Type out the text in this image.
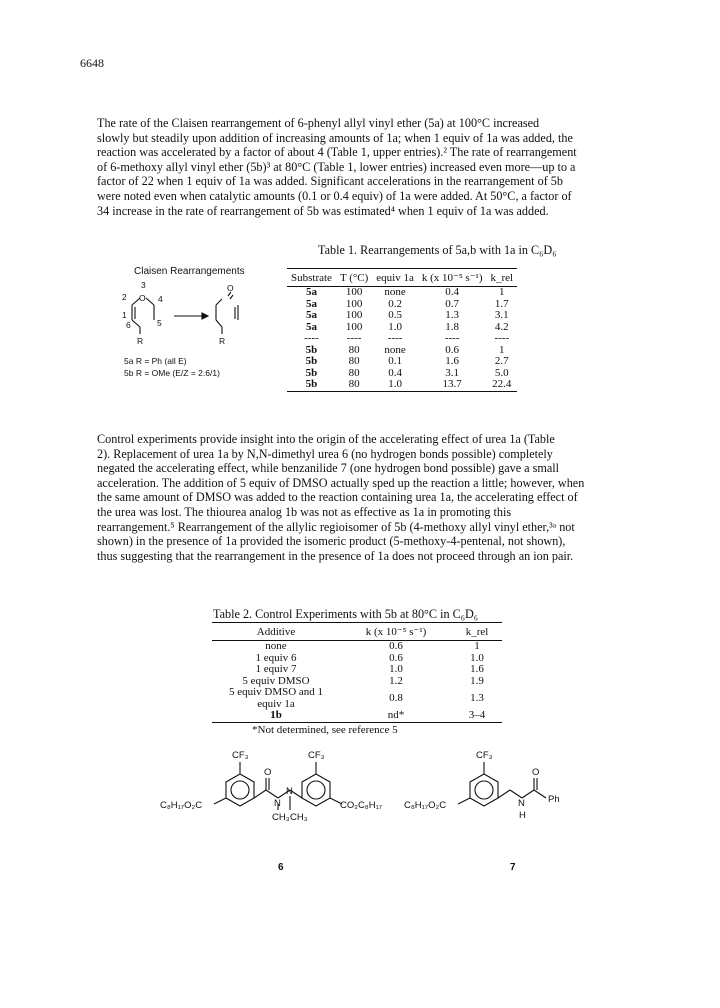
6648

The rate of the Claisen rearrangement of 6-phenyl allyl vinyl ether (5a) at 100°C increased
slowly but steadily upon addition of increasing amounts of 1a; when 1 equiv of 1a was added, the
reaction was accelerated by a factor of about 4 (Table 1, upper entries).² The rate of rearrangement
of 6-methoxy allyl vinyl ether (5b)³ at 80°C (Table 1, lower entries) increased even more—up to a
factor of 22 when 1 equiv of 1a was added. Significant accelerations in the rearrangement of 5b
were noted even when catalytic amounts (0.1 or 0.4 equiv) of 1a were added. At 50°C, a factor of
34 increase in the rate of rearrangement of 5b was estimated⁴ when 1 equiv of 1a was added.

Table 1. Rearrangements of 5a,b with 1a in C₆D₆
Claisen Rearrangements
3
2 O 4
1
6	5
R
O
R
5a R = Ph (all E)
5b R = OMe (E/Z = 2.6/1)
Substrate	T (°C)	equiv 1a	k (x 10⁻⁵ s⁻¹)	k_rel
5a	100	none	0.4	1
5a	100	0.2	0.7	1.7
5a	100	0.5	1.3	3.1
5a	100	1.0	1.8	4.2
----	----	----	----	----
5b	80	none	0.6	1
5b	80	0.1	1.6	2.7
5b	80	0.4	3.1	5.0
5b	80	1.0	13.7	22.4

Control experiments provide insight into the origin of the accelerating effect of urea 1a (Table
2). Replacement of urea 1a by N,N-dimethyl urea 6 (no hydrogen bonds possible) completely
negated the accelerating effect, while benzanilide 7 (one hydrogen bond possible) gave a small
acceleration. The addition of 5 equiv of DMSO actually sped up the reaction a little; however, when
the same amount of DMSO was added to the reaction containing urea 1a, the accelerating effect of
the urea was lost. The thiourea analog 1b was not as effective as 1a in promoting this
rearrangement.⁵ Rearrangement of the allylic regioisomer of 5b (4-methoxy allyl vinyl ether,³ᵃ not
shown) in the presence of 1a provided the isomeric product (5-methoxy-4-pentenal, not shown),
thus suggesting that the rearrangement in the presence of 1a does not proceed through an ion pair.

Table 2. Control Experiments with 5b at 80°C in C₆D₆
Additive	k (x 10⁻⁵ s⁻¹)	k_rel
none	0.6	1
1 equiv 6	0.6	1.0
1 equiv 7	1.0	1.6
5 equiv DMSO	1.2	1.9
5 equiv DMSO and 1 equiv 1a	0.8	1.3
1b	nd*	3–4
*Not determined, see reference 5
CF₃	CF₃
C₈H₁₇O₂C
O
N
N
CO₂C₈H₁₇
CH₃ CH₃
CF₃
C₈H₁₇O₂C
O
N Ph
H
6	7
